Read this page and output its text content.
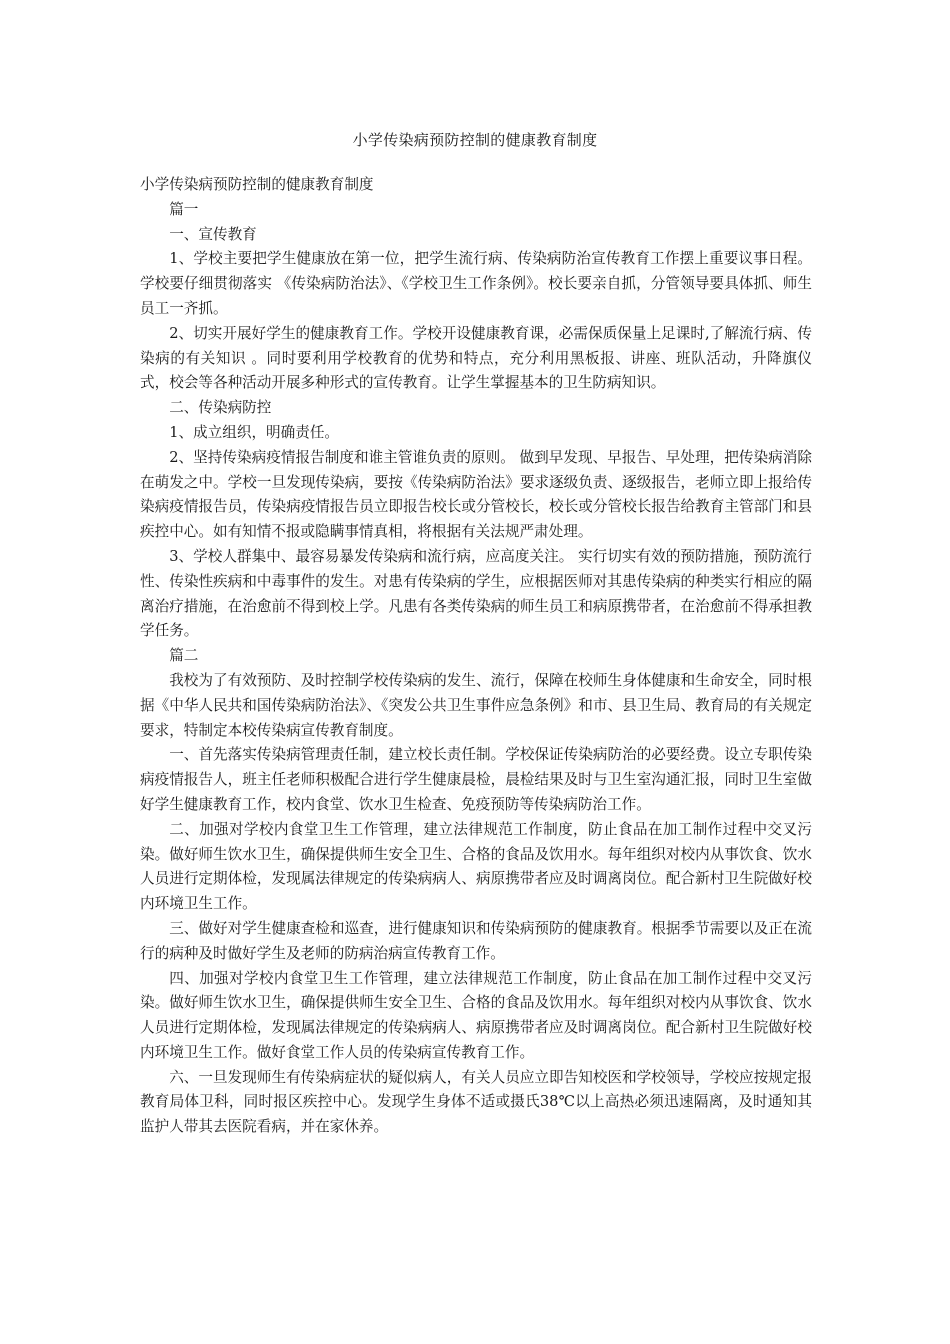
小学传染病预防控制的健康教育制度

小学传染病预防控制的健康教育制度

篇一

一、宣传教育

1、学校主要把学生健康放在第一位，把学生流行病、传染病防治宣传教育工作摆上重要议事日程。学校要仔细贯彻落实 《传染病防治法》、《学校卫生工作条例》。校长要亲自抓，分管领导要具体抓、师生员工一齐抓。

2、切实开展好学生的健康教育工作。学校开设健康教育课，必需保质保量上足课时,了解流行病、传染病的有关知识 。同时要利用学校教育的优势和特点，充分利用黑板报、讲座、班队活动，升降旗仪式，校会等各种活动开展多种形式的宣传教育。让学生掌握基本的卫生防病知识。

二、传染病防控

1、成立组织，明确责任。

2、坚持传染病疫情报告制度和谁主管谁负责的原则。 做到早发现、早报告、早处理，把传染病消除在萌发之中。学校一旦发现传染病，要按《传染病防治法》要求逐级负责、逐级报告，老师立即上报给传染病疫情报告员，传染病疫情报告员立即报告校长或分管校长，校长或分管校长报告给教育主管部门和县疾控中心。如有知情不报或隐瞒事情真相，将根据有关法规严肃处理。

3、学校人群集中、最容易暴发传染病和流行病，应高度关注。 实行切实有效的预防措施，预防流行性、传染性疾病和中毒事件的发生。对患有传染病的学生，应根据医师对其患传染病的种类实行相应的隔离治疗措施，在治愈前不得到校上学。凡患有各类传染病的师生员工和病原携带者，在治愈前不得承担教学任务。

篇二

我校为了有效预防、及时控制学校传染病的发生、流行，保障在校师生身体健康和生命安全，同时根据《中华人民共和国传染病防治法》、《突发公共卫生事件应急条例》和市、县卫生局、教育局的有关规定要求，特制定本校传染病宣传教育制度。

一、首先落实传染病管理责任制，建立校长责任制。学校保证传染病防治的必要经费。设立专职传染病疫情报告人，班主任老师积极配合进行学生健康晨检，晨检结果及时与卫生室沟通汇报，同时卫生室做好学生健康教育工作，校内食堂、饮水卫生检查、免疫预防等传染病防治工作。

二、加强对学校内食堂卫生工作管理，建立法律规范工作制度，防止食品在加工制作过程中交叉污染。做好师生饮水卫生，确保提供师生安全卫生、合格的食品及饮用水。每年组织对校内从事饮食、饮水人员进行定期体检，发现属法律规定的传染病病人、病原携带者应及时调离岗位。配合新村卫生院做好校内环境卫生工作。

三、做好对学生健康查检和巡查，进行健康知识和传染病预防的健康教育。根据季节需要以及正在流行的病种及时做好学生及老师的防病治病宣传教育工作。

四、加强对学校内食堂卫生工作管理，建立法律规范工作制度，防止食品在加工制作过程中交叉污染。做好师生饮水卫生，确保提供师生安全卫生、合格的食品及饮用水。每年组织对校内从事饮食、饮水人员进行定期体检，发现属法律规定的传染病病人、病原携带者应及时调离岗位。配合新村卫生院做好校内环境卫生工作。做好食堂工作人员的传染病宣传教育工作。

六、一旦发现师生有传染病症状的疑似病人，有关人员应立即告知校医和学校领导，学校应按规定报教育局体卫科，同时报区疾控中心。发现学生身体不适或摄氏38℃以上高热必须迅速隔离，及时通知其监护人带其去医院看病，并在家休养。
